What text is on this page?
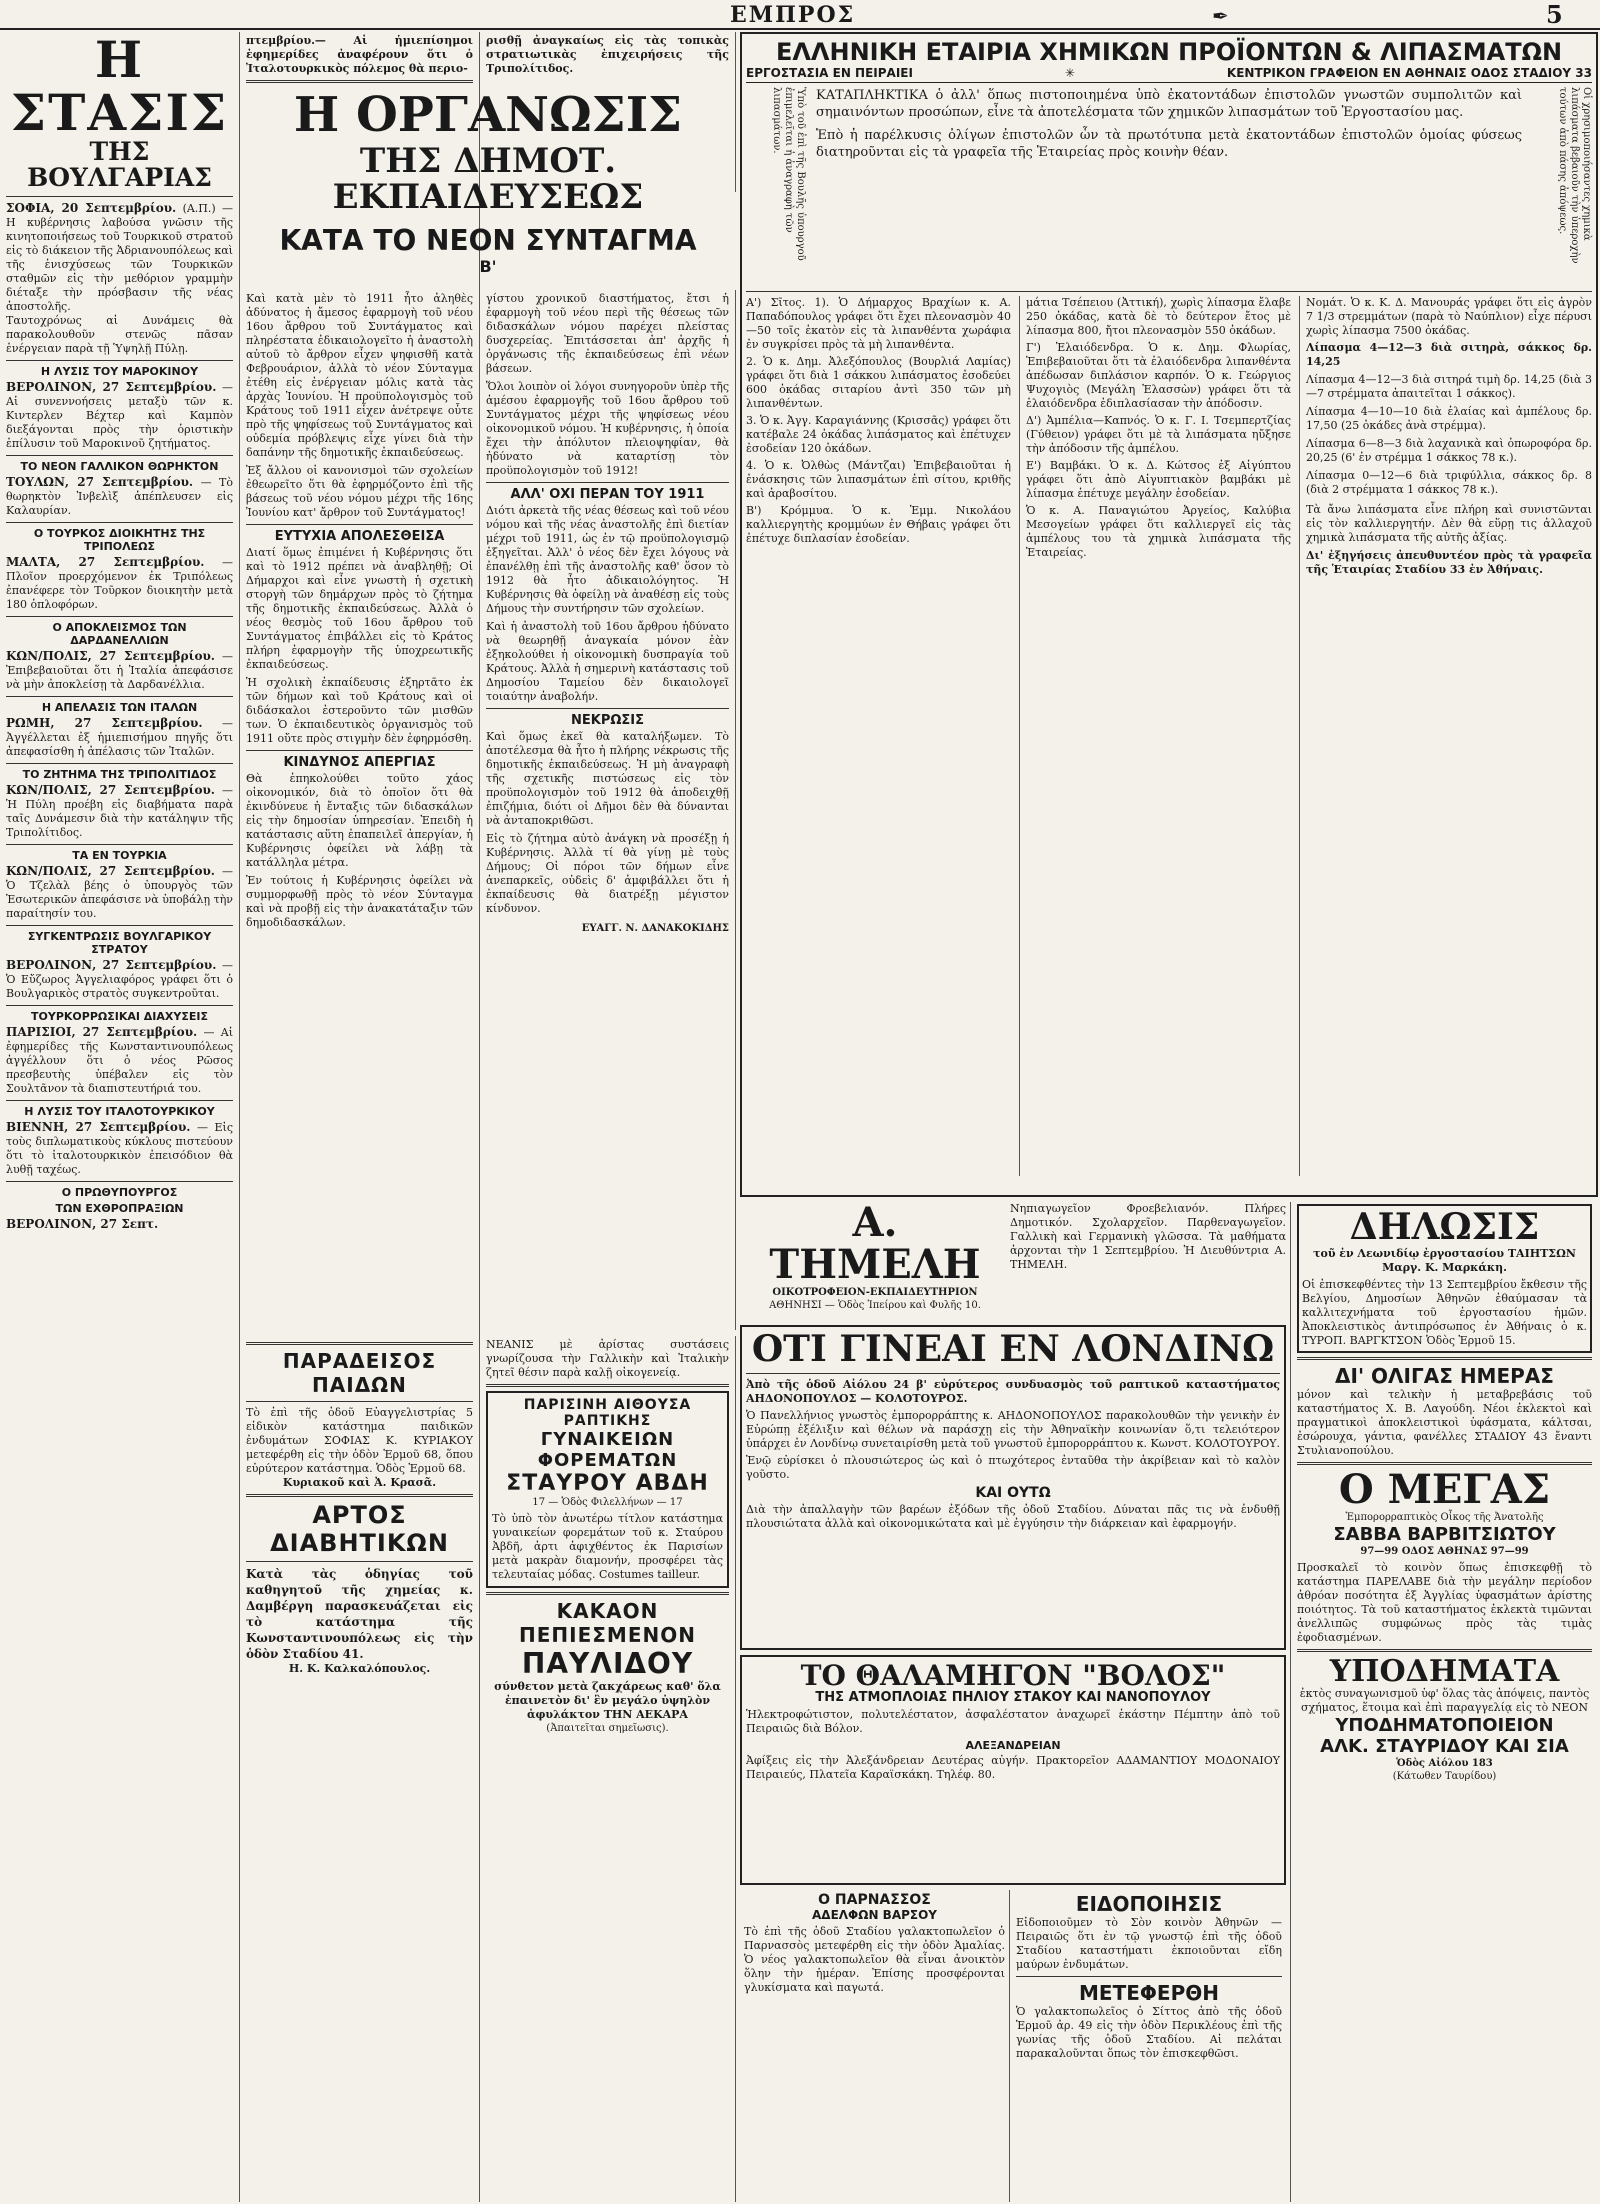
ΕΜΠΡΟΣ	✒	5
Η ΣΤΑΣΙΣ
ΤΗΣ ΒΟΥΛΓΑΡΙΑΣ
ΣΟΦΙΑ, 20 Σεπτεμβρίου. (Α.Π.) — Η κυβέρνησις λαβούσα γνῶσιν τῆς κινητοποιήσεως τοῦ Τουρκικοῦ στρατοῦ εἰς τὸ διάκειον τῆς Ἀδριανουπόλεως καὶ τῆς ἐνισχύσεως τῶν Τουρκικῶν σταθμῶν εἰς τὴν μεθόριον γραμμὴν διέταξε τὴν πρόσβασιν τῆς νέας ἀποστολῆς.
Ταυτοχρόνως αἱ Δυνάμεις θὰ παρακολουθοῦν στενῶς πᾶσαν ἐνέργειαν παρὰ τῇ Ὑψηλῇ Πύλῃ.
Η ΛΥΣΙΣ ΤΟΥ ΜΑΡΟΚΙΝΟΥ
ΒΕΡΟΛΙΝΟΝ, 27 Σεπτεμβρίου. — Αἱ συνεννοήσεις μεταξὺ τῶν κ. Κιντερλεν Βέχτερ καὶ Καμπὸν διεξάγονται πρὸς τὴν ὁριστικὴν ἐπίλυσιν τοῦ Μαροκινοῦ ζητήματος.
ΤΟ ΝΕΟΝ ΓΑΛΛΙΚΟΝ ΘΩΡΗΚΤΟΝ
ΤΟΥΛΩΝ, 27 Σεπτεμβρίου. — Τὸ θωρηκτὸν Ἰνβελὶξ ἀπέπλευσεν εἰς Καλαυρίαν.
Ο ΤΟΥΡΚΟΣ ΔΙΟΙΚΗΤΗΣ ΤΗΣ ΤΡΙΠΟΛΕΩΣ
ΜΑΛΤΑ, 27 Σεπτεμβρίου. — Πλοῖον προερχόμενον ἐκ Τριπόλεως ἐπανέφερε τὸν Τοῦρκον διοικητὴν μετὰ 180 ὁπλοφόρων.
Ο ΑΠΟΚΛΕΙΣΜΟΣ ΤΩΝ ΔΑΡΔΑΝΕΛΛΙΩΝ
ΚΩΝ/ΠΟΛΙΣ, 27 Σεπτεμβρίου. — Ἐπιβεβαιοῦται ὅτι ἡ Ἰταλία ἀπεφάσισε νὰ μὴν ἀποκλείσῃ τὰ Δαρδανέλλια.
Η ΑΠΕΛΑΣΙΣ ΤΩΝ ΙΤΑΛΩΝ
ΡΩΜΗ, 27 Σεπτεμβρίου. — Ἀγγέλλεται ἐξ ἡμιεπισήμου πηγῆς ὅτι ἀπεφασίσθη ἡ ἀπέλασις τῶν Ἰταλῶν.
ΤΟ ΖΗΤΗΜΑ ΤΗΣ ΤΡΙΠΟΛΙΤΙΔΟΣ
ΚΩΝ/ΠΟΛΙΣ, 27 Σεπτεμβρίου. — Ἡ Πύλη προέβη εἰς διαβήματα παρὰ ταῖς Δυνάμεσιν διὰ τὴν κατάληψιν τῆς Τριπολίτιδος.
ΤΑ ΕΝ ΤΟΥΡΚΙΑ
ΚΩΝ/ΠΟΛΙΣ, 27 Σεπτεμβρίου. — Ὁ Τζελὰλ βέης ὁ ὑπουργὸς τῶν Ἐσωτερικῶν ἀπεφάσισε νὰ ὑποβάλῃ τὴν παραίτησίν του.
ΣΥΓΚΕΝΤΡΩΣΙΣ ΒΟΥΛΓΑΡΙΚΟΥ ΣΤΡΑΤΟΥ
ΒΕΡΟΛΙΝΟΝ, 27 Σεπτεμβρίου. — Ὁ Εὔζωρος Ἀγγελιαφόρος γράφει ὅτι ὁ Βουλγαρικὸς στρατὸς συγκεντροῦται.
ΤΟΥΡΚΟΡΡΩΣΙΚΑΙ ΔΙΑΧΥΣΕΙΣ
ΠΑΡΙΣΙΟΙ, 27 Σεπτεμβρίου. — Αἱ ἐφημερίδες τῆς Κωνσταντινουπόλεως ἀγγέλλουν ὅτι ὁ νέος Ρῶσος πρεσβευτὴς ὑπέβαλεν εἰς τὸν Σουλτᾶνον τὰ διαπιστευτήριά του.
Η ΛΥΣΙΣ ΤΟΥ ΙΤΑΛΟΤΟΥΡΚΙΚΟΥ
ΒΙΕΝΝΗ, 27 Σεπτεμβρίου. — Εἰς τοὺς διπλωματικοὺς κύκλους πιστεύουν ὅτι τὸ ἰταλοτουρκικὸν ἐπεισόδιον θὰ λυθῇ ταχέως.
Ο ΠΡΩΘΥΠΟΥΡΓΟΣ
ΤΩΝ ΕΧΘΡΟΠΡΑΞΙΩΝ
ΒΕΡΟΛΙΝΟΝ, 27 Σεπτ.
πτεμβρίου.— Αἱ ἡμιεπίσημοι ἐφημερίδες ἀναφέρουν ὅτι ὁ Ἰταλοτουρκικὸς πόλεμος θὰ περιο-
ρισθῇ ἀναγκαίως εἰς τὰς τοπικὰς στρατιωτικὰς ἐπιχειρήσεις τῆς Τριπολίτιδος.
Η ΟΡΓΑΝΩΣΙΣ
ΤΗΣ ΔΗΜΟΤ. ΕΚΠΑΙΔΕΥΣΕΩΣ
ΚΑΤΑ ΤΟ ΝΕΟΝ ΣΥΝΤΑΓΜΑ
Β'
Καὶ κατὰ μὲν τὸ 1911 ἦτο ἀληθὲς ἀδύνατος ἡ ἄμεσος ἐφαρμογὴ τοῦ νέου 16ου ἄρθρου τοῦ Συντάγματος καὶ πληρέστατα ἐδικαιολογεῖτο ἡ ἀναστολὴ αὐτοῦ τὸ ἄρθρον εἶχεν ψηφισθῆ κατὰ Φεβρουάριον, ἀλλὰ τὸ νέον Σύνταγμα ἐτέθη εἰς ἐνέργειαν μόλις κατὰ τὰς ἀρχὰς Ἰουνίου. Ἡ προϋπολογισμὸς τοῦ Κράτους τοῦ 1911 εἶχεν ἀνέτρεψε οὗτε πρὸ τῆς ψηφίσεως τοῦ Συντάγματος καὶ οὐδεμία πρόβλεψις εἶχε γίνει διὰ τὴν δαπάνην τῆς δημοτικῆς ἐκπαιδεύσεως.
Ἐξ ἄλλου οἱ κανονισμοὶ τῶν σχολείων ἐθεωρεῖτο ὅτι θὰ ἐφηρμόζοντο ἐπὶ τῆς βάσεως τοῦ νέου νόμου μέχρι τῆς 16ης Ἰουνίου κατ' ἄρθρον τοῦ Συντάγματος!
ΕΥΤΥΧΙΑ ΑΠΟΛΕΣΘΕΙΣΑ
Διατί ὅμως ἐπιμένει ἡ Κυβέρνησις ὅτι καὶ τὸ 1912 πρέπει νὰ ἀναβληθῇ; Οἱ Δήμαρχοι καὶ εἶνε γνωστὴ ἡ σχετικὴ στοργὴ τῶν δημάρχων πρὸς τὸ ζήτημα τῆς δημοτικῆς ἐκπαιδεύσεως. Ἀλλὰ ὁ νέος θεσμὸς τοῦ 16ου ἄρθρου τοῦ Συντάγματος ἐπιβάλλει εἰς τὸ Κράτος πλήρη ἐφαρμογὴν τῆς ὑποχρεωτικῆς ἐκπαιδεύσεως.
Ἡ σχολικὴ ἐκπαίδευσις ἐξηρτᾶτο ἐκ τῶν δήμων καὶ τοῦ Κράτους καὶ οἱ διδάσκαλοι ἐστεροῦντο τῶν μισθῶν των. Ὁ ἐκπαιδευτικὸς ὀργανισμὸς τοῦ 1911 οὔτε πρὸς στιγμὴν δὲν ἐφηρμόσθη.
ΚΙΝΔΥΝΟΣ ΑΠΕΡΓΙΑΣ
Θὰ ἐπηκολούθει τοῦτο χάος οἰκονομικόν, διὰ τὸ ὁποῖον ὅτι θὰ ἐκινδύνευε ἡ ἔνταξις τῶν διδασκάλων εἰς τὴν δημοσίαν ὑπηρεσίαν. Ἐπειδὴ ἡ κατάστασις αὕτη ἐπαπειλεῖ ἀπεργίαν, ἡ Κυβέρνησις ὀφείλει νὰ λάβῃ τὰ κατάλληλα μέτρα.
Ἐν τούτοις ἡ Κυβέρνησις ὀφείλει νὰ συμμορφωθῇ πρὸς τὸ νέον Σύνταγμα καὶ νὰ προβῇ εἰς τὴν ἀνακατάταξιν τῶν δημοδιδασκάλων.
γίστου χρονικοῦ διαστήματος, ἔτσι ἡ ἐφαρμογὴ τοῦ νέου περὶ τῆς θέσεως τῶν διδασκάλων νόμου παρέχει πλείστας δυσχερείας. Ἐπιτάσσεται ἀπ' ἀρχῆς ἡ ὀργάνωσις τῆς ἐκπαιδεύσεως ἐπὶ νέων βάσεων.
Ὅλοι λοιπὸν οἱ λόγοι συνηγοροῦν ὑπὲρ τῆς ἀμέσου ἐφαρμογῆς τοῦ 16ου ἄρθρου τοῦ Συντάγματος μέχρι τῆς ψηφίσεως νέου οἰκονομικοῦ νόμου. Ἡ κυβέρνησις, ἡ ὁποία ἔχει τὴν ἀπόλυτον πλειοψηφίαν, θὰ ἠδύνατο νὰ καταρτίσῃ τὸν προϋπολογισμὸν τοῦ 1912!
ΑΛΛ' ΟΧΙ ΠΕΡΑΝ ΤΟΥ 1911
Διότι ἀρκετὰ τῆς νέας θέσεως καὶ τοῦ νέου νόμου καὶ τῆς νέας ἀναστολῆς ἐπὶ διετίαν μέχρι τοῦ 1911, ὡς ἐν τῷ προϋπολογισμῷ ἐξηγεῖται. Ἀλλ' ὁ νέος δὲν ἔχει λόγους νὰ ἐπανέλθῃ ἐπὶ τῆς ἀναστολῆς καθ' ὅσον τὸ 1912 θὰ ἦτο ἀδικαιολόγητος. Ἡ Κυβέρνησις θὰ ὀφείλῃ νὰ ἀναθέσῃ εἰς τοὺς Δήμους τὴν συντήρησιν τῶν σχολείων.
Καὶ ἡ ἀναστολὴ τοῦ 16ου ἄρθρου ἠδύνατο νὰ θεωρηθῇ ἀναγκαία μόνον ἐὰν ἐξηκολούθει ἡ οἰκονομικὴ δυσπραγία τοῦ Κράτους. Ἀλλὰ ἡ σημερινὴ κατάστασις τοῦ Δημοσίου Ταμείου δὲν δικαιολογεῖ τοιαύτην ἀναβολήν.
ΝΕΚΡΩΣΙΣ
Καὶ ὅμως ἐκεῖ θὰ καταλήξωμεν. Τὸ ἀποτέλεσμα θὰ ἦτο ἡ πλήρης νέκρωσις τῆς δημοτικῆς ἐκπαιδεύσεως. Ἡ μὴ ἀναγραφὴ τῆς σχετικῆς πιστώσεως εἰς τὸν προϋπολογισμὸν τοῦ 1912 θὰ ἀποδειχθῇ ἐπιζήμια, διότι οἱ Δῆμοι δὲν θὰ δύνανται νὰ ἀνταποκριθῶσι.
Εἰς τὸ ζήτημα αὐτὸ ἀνάγκη νὰ προσέξῃ ἡ Κυβέρνησις. Ἀλλὰ τί θὰ γίνῃ μὲ τοὺς Δήμους; Οἱ πόροι τῶν δήμων εἶνε ἀνεπαρκεῖς, οὐδεὶς δ' ἀμφιβάλλει ὅτι ἡ ἐκπαίδευσις θὰ διατρέξῃ μέγιστον κίνδυνον.
ΕΥΑΓΓ. Ν. ΔΑΝΑΚΟΚΙΔΗΣ
ΠΑΡΑΔΕΙΣΟΣ ΠΑΙΔΩΝ
Τὸ ἐπὶ τῆς ὁδοῦ Εὐαγγελιστρίας 5 εἰδικὸν κατάστημα παιδικῶν ἐνδυμάτων ΣΟΦΙΑΣ Κ. ΚΥΡΙΑΚΟΥ μετεφέρθη εἰς τὴν ὁδὸν Ἑρμοῦ 68, ὅπου εὐρύτερον κατάστημα. Ὁδὸς Ἑρμοῦ 68.
Κυριακοῦ καὶ Ἀ. Κρασᾶ.
ΑΡΤΟΣ ΔΙΑΒΗΤΙΚΩΝ
Κατὰ τὰς ὁδηγίας τοῦ καθηγητοῦ τῆς χημείας κ. Δαμβέργη παρασκευάζεται εἰς τὸ κατάστημα τῆς Κωνσταντινουπόλεως εἰς τὴν ὁδὸν Σταδίου 41.
Η. Κ. Καλκαλόπουλος.
ΝΕΑΝΙΣ μὲ ἀρίστας συστάσεις γνωρίζουσα τὴν Γαλλικὴν καὶ Ἰταλικὴν ζητεῖ θέσιν παρὰ καλῇ οἰκογενείᾳ.
ΠΑΡΙΣΙΝΗ ΑΙΘΟΥΣΑ ΡΑΠΤΙΚΗΣ
ΓΥΝΑΙΚΕΙΩΝ ΦΟΡΕΜΑΤΩΝ
ΣΤΑΥΡΟΥ ΑΒΔΗ
17 — Ὁδὸς Φιλελλήνων — 17
Τὸ ὑπὸ τὸν ἀνωτέρω τίτλον κατάστημα γυναικείων φορεμάτων τοῦ κ. Σταύρου Ἀβδῆ, ἀρτι ἀφιχθέντος ἐκ Παρισίων μετὰ μακρὰν διαμονήν, προσφέρει τὰς τελευταίας μόδας. Costumes tailleur.
ΚΑΚΑΟΝ ΠΕΠΙΕΣΜΕΝΟΝ
ΠΑΥΛΙΔΟΥ
σύνθετον μετὰ ζακχάρεως καθ' ὅλα ἐπαινετὸν δι' ἓν μεγάλο ὑψηλὸν ἀφυλάκτον ΤΗΝ ΑΕΚΑΡΑ
(Ἀπαιτεῖται σημεῖωσις).
ΕΛΛΗΝΙΚΗ ΕΤΑΙΡΙΑ ΧΗΜΙΚΩΝ ΠΡΟΪΟΝΤΩΝ & ΛΙΠΑΣΜΑΤΩΝ
ΕΡΓΟΣΤΑΣΙΑ ΕΝ ΠΕΙΡΑΙΕΙ	✳	ΚΕΝΤΡΙΚΟΝ ΓΡΑΦΕΙΟΝ ΕΝ ΑΘΗΝΑΙΣ ΟΔΟΣ ΣΤΑΔΙΟΥ 33
Ὑπὸ τοῦ ἐπὶ τῆς Βουλῆς ὑπουργοῦ ἐπιμελεῖται ἡ ἀναγραφὴ τῶν λιπασμάτων.	ΚΑΤΑΠΛΗΚΤΙΚΑ ὁ ἀλλ' ὅπως πιστοποιημένα ὑπὸ ἐκατοντάδων ἐπιστολῶν γνωστῶν συμπολιτῶν καὶ σημαινόντων προσώπων, εἶνε τὰ ἀποτελέσματα τῶν χημικῶν λιπασμάτων τοῦ Ἐργοστασίου μας.
Ἑπὸ ἡ παρέλκυσις ὀλίγων ἐπιστολῶν ὧν τὰ πρωτότυπα μετὰ ἑκατοντάδων ἐπιστολῶν ὁμοίας φύσεως διατηροῦνται εἰς τὰ γραφεῖα τῆς Ἑταιρείας πρὸς κοινὴν θέαν.	Οἱ χρησιμοποιήσαντες χημικὰ λιπάσματα βεβαιοῦν τὴν ὑπεροχὴν τούτων ἀπὸ πάσης ἀπόψεως.
Α') Σῖτος. 1). Ὁ Δήμαρχος Βραχίων κ. Α. Παπαδόπουλος γράφει ὅτι ἔχει πλεονασμὸν 40—50 τοῖς ἑκατὸν εἰς τὰ λιπανθέντα χωράφια ἐν συγκρίσει πρὸς τὰ μὴ λιπανθέντα.
2. Ὁ κ. Δημ. Ἀλεξόπουλος (Βουρλιά Λαμίας) γράφει ὅτι διὰ 1 σάκκου λιπάσματος ἐσοδεύει 600 ὀκάδας σιταρίου ἀντὶ 350 τῶν μὴ λιπανθέντων.
3. Ὁ κ. Ἀγγ. Καραγιάννης (Κρισσᾶς) γράφει ὅτι κατέβαλε 24 ὀκάδας λιπάσματος καὶ ἐπέτυχεν ἐσοδείαν 120 ὀκάδων.
4. Ὁ κ. Ὀλθὼς (Μάντζαι) Ἐπιβεβαιοῦται ἡ ἐνάσκησις τῶν λιπασμάτων ἐπὶ σίτου, κριθῆς καὶ ἀραβοσίτου.
Β') Κρόμμυα. Ὁ κ. Ἐμμ. Νικολάου καλλιεργητὴς κρομμύων ἐν Θήβαις γράφει ὅτι ἐπέτυχε διπλασίαν ἐσοδείαν.
μάτια Τσέπειου (Ἀττική), χωρὶς λίπασμα ἔλαβε 250 ὀκάδας, κατὰ δὲ τὸ δεύτερον ἔτος μὲ λίπασμα 800, ἤτοι πλεονασμὸν 550 ὀκάδων.
Γ') Ἐλαιόδενδρα. Ὁ κ. Δημ. Φλωρίας, Ἐπιβεβαιοῦται ὅτι τὰ ἐλαιόδενδρα λιπανθέντα ἀπέδωσαν διπλάσιον καρπόν. Ὁ κ. Γεώργιος Ψυχογιὸς (Μεγάλη Ἐλασσὼν) γράφει ὅτι τὰ ἐλαιόδενδρα ἐδιπλασίασαν τὴν ἀπόδοσιν.
Δ') Ἀμπέλια—Καπνός. Ὁ κ. Γ. Ι. Τσεμπερτζίας (Γύθειον) γράφει ὅτι μὲ τὰ λιπάσματα ηὔξησε τὴν ἀπόδοσιν τῆς ἀμπέλου.
Ε') Βαμβάκι. Ὁ κ. Δ. Κώτσος ἐξ Αἰγύπτου γράφει ὅτι ἀπὸ Αἰγυπτιακὸν βαμβάκι μὲ λίπασμα ἐπέτυχε μεγάλην ἐσοδείαν.
Ὁ κ. Α. Παναγιώτου Ἀργείος, Καλύβια Μεσογείων γράφει ὅτι καλλιεργεῖ εἰς τὰς ἀμπέλους του τὰ χημικὰ λιπάσματα τῆς Ἑταιρείας.
Νομάτ. Ὁ κ. Κ. Δ. Μανουράς γράφει ὅτι εἰς ἀγρὸν 7 1/3 στρεμμάτων (παρὰ τὸ Ναύπλιον) εἶχε πέρυσι χωρὶς λίπασμα 7500 ὀκάδας.
Λίπασμα 4—12—3 διὰ σιτηρὰ, σάκκος δρ. 14,25
Λίπασμα 4—12—3 διὰ σιτηρά τιμὴ δρ. 14,25 (διὰ 3—7 στρέμματα ἀπαιτεῖται 1 σάκκος).
Λίπασμα 4—10—10 διὰ ἐλαίας καὶ ἀμπέλους δρ. 17,50 (25 ὀκάδες ἀνὰ στρέμμα).
Λίπασμα 6—8—3 διὰ λαχανικὰ καὶ ὀπωροφόρα δρ. 20,25 (6' ἐν στρέμμα 1 σάκκος 78 κ.).
Λίπασμα 0—12—6 διὰ τριφύλλια, σάκκος δρ. 8 (διὰ 2 στρέμματα 1 σάκκος 78 κ.).
Τὰ ἄνω λιπάσματα εἶνε πλήρη καὶ συνιστῶνται εἰς τὸν καλλιεργητήν. Δὲν θὰ εὕρῃ τις ἀλλαχοῦ χημικὰ λιπάσματα τῆς αὐτῆς ἀξίας.
Δι' ἐξηγήσεις ἀπευθυντέον πρὸς τὰ γραφεῖα τῆς Ἑταιρίας Σταδίου 33 ἐν Ἀθήναις.
Α. ΤΗΜΕΛΗ
ΟΙΚΟΤΡΟΦΕΙΟΝ-ΕΚΠΑΙΔΕΥΤΗΡΙΟΝ
ΑΘΗΝΗΣΙ — Ὁδὸς Ἰπείρου καὶ Φυλῆς 10.
Νηπιαγωγεῖον Φροεβελιανόν. Πλήρες Δημοτικόν. Σχολαρχεῖον. Παρθεναγωγεῖον. Γαλλικὴ καὶ Γερμανικὴ γλῶσσα. Τὰ μαθήματα ἀρχονται τὴν 1 Σεπτεμβρίου. Ἡ Διευθύντρια Α. ΤΗΜΕΛΗ.
ΟΤΙ ΓΙΝΕΑΙ ΕΝ ΛΟΝΔΙΝΩ
Ἀπὸ τῆς ὁδοῦ Αἰόλου 24 β' εὐρύτερος συνδυασμὸς τοῦ ραπτικοῦ καταστήματος ΑΗΔΟΝΟΠΟΥΛΟΣ — ΚΟΛΟΤΟΥΡΟΣ.
Ὁ Πανελλήνιος γνωστὸς ἐμπορορράπτης κ. ΑΗΔΟΝΟΠΟΥΛΟΣ παρακολουθῶν τὴν γενικὴν ἐν Εὐρώπῃ ἐξέλιξιν καὶ θέλων νὰ παράσχῃ εἰς τὴν Ἀθηναϊκὴν κοινωνίαν ὅ,τι τελειότερον ὑπάρχει ἐν Λονδίνῳ συνεταιρίσθη μετὰ τοῦ γνωστοῦ ἐμπορορράπτου κ. Κωνστ. ΚΟΛΟΤΟΥΡΟΥ.
Ἐνῷ εὑρίσκει ὁ πλουσιώτερος ὡς καὶ ὁ πτωχότερος ἐνταῦθα τὴν ἀκρίβειαν καὶ τὸ καλὸν γοῦστο.
ΚΑΙ ΟΥΤΩ
Διὰ τὴν ἀπαλλαγὴν τῶν βαρέων ἐξόδων τῆς ὁδοῦ Σταδίου. Δύναται πᾶς τις νὰ ἐνδυθῇ πλουσιώτατα ἀλλὰ καὶ οἰκονομικώτατα καὶ μὲ ἐγγύησιν τὴν διάρκειαν καὶ ἐφαρμογήν.
ΤΟ ΘΑΛΑΜΗΓΟΝ "ΒΟΛΟΣ"
ΤΗΣ ΑΤΜΟΠΛΟΙΑΣ ΠΗΛΙΟΥ ΣΤΑΚΟΥ ΚΑΙ ΝΑΝΟΠΟΥΛΟΥ
Ἡλεκτροφώτιστον, πολυτελέστατον, ἀσφαλέστατον ἀναχωρεῖ ἑκάστην Πέμπτην ἀπὸ τοῦ Πειραιῶς διὰ Βόλον.
ΑΛΕΞΑΝΔΡΕΙΑΝ
Ἀφίξεις εἰς τὴν Ἀλεξάνδρειαν Δευτέρας αὐγήν. Πρακτορεῖον ΑΔΑΜΑΝΤΙΟΥ ΜΟΔΟΝΑΙΟΥ Πειραιεύς, Πλατεῖα Καραϊσκάκη. Τηλέφ. 80.
Ο ΠΑΡΝΑΣΣΟΣ
ΑΔΕΛΦΩΝ ΒΑΡΣΟΥ
Τὸ ἐπὶ τῆς ὁδοῦ Σταδίου γαλακτοπωλεῖον ὁ Παρνασσὸς μετεφέρθη εἰς τὴν ὁδὸν Ἀμαλίας. Ὁ νέος γαλακτοπωλεῖον θὰ εἶναι ἀνοικτὸν ὅλην τὴν ἡμέραν. Ἐπίσης προσφέρονται γλυκίσματα καὶ παγωτά.
ΕΙΔΟΠΟΙΗΣΙΣ
Εἰδοποιοῦμεν τὸ Σὸν κοινὸν Ἀθηνῶν — Πειραιῶς ὅτι ἐν τῷ γνωστῷ ἐπὶ τῆς ὁδοῦ Σταδίου καταστήματι ἐκποιοῦνται εἴδη μαύρων ἐνδυμάτων.
ΜΕΤΕΦΕΡΘΗ
Ὁ γαλακτοπωλεῖος ὁ Σίττος ἀπὸ τῆς ὁδοῦ Ἑρμοῦ ἀρ. 49 εἰς τὴν ὁδὸν Περικλέους ἐπὶ τῆς γωνίας τῆς ὁδοῦ Σταδίου. Αἱ πελάται παρακαλοῦνται ὅπως τὸν ἐπισκεφθῶσι.
ΔΗΛΩΣΙΣ
τοῦ ἐν Λεωνιδίῳ ἐργοστασίου ΤΑΙΗΤΣΩΝ Μαργ. Κ. Μαρκάκη.
Οἱ ἐπισκεφθέντες τὴν 13 Σεπτεμβρίου ἔκθεσιν τῆς Βελγίου, Δημοσίων Ἀθηνῶν ἐθαύμασαν τὰ καλλιτεχνήματα τοῦ ἐργοστασίου ἡμῶν. Ἀποκλειστικὸς ἀντιπρόσωπος ἐν Ἀθήναις ὁ κ. ΤΥΡΟΠ. ΒΑΡΓΚΤΣΟΝ Ὁδὸς Ἑρμοῦ 15.
ΔΙ' ΟΛΙΓΑΣ ΗΜΕΡΑΣ
μόνον καὶ τελικὴν ἡ μεταβρεβάσις τοῦ καταστήματος Χ. Β. Λαγούδη. Νέοι ἐκλεκτοὶ καὶ πραγματικοὶ ἀποκλειστικοὶ ὑφάσματα, κάλτσαι, ἐσώρουχα, γάντια, φανέλλες ΣΤΑΔΙΟΥ 43 ἔναντι Στυλιανοπούλου.
Ο ΜΕΓΑΣ
Ἐμπορορραπτικὸς Οἶκος τῆς Ἀνατολῆς
ΣΑΒΒΑ ΒΑΡΒΙΤΣΙΩΤΟΥ
97—99 ΟΔΟΣ ΑΘΗΝΑΣ 97—99
Προσκαλεῖ τὸ κοινὸν ὅπως ἐπισκεφθῇ τὸ κατάστημα ΠΑΡΕΛΑΒΕ διὰ τὴν μεγάλην περίοδον ἀθρόαν ποσότητα ἐξ Ἀγγλίας ὑφασμάτων ἀρίστης ποιότητος. Τὰ τοῦ καταστήματος ἐκλεκτὰ τιμῶνται ἀνελλιπῶς συμφώνως πρὸς τὰς τιμὰς ἐφοδιασμένων.
ΥΠΟΔΗΜΑΤΑ
ἐκτὸς συναγωνισμοῦ ὑφ' ὅλας τὰς ἀπόψεις, παντὸς σχήματος, ἕτοιμα καὶ ἐπὶ παραγγελίᾳ εἰς τὸ ΝΕΟΝ
ΥΠΟΔΗΜΑΤΟΠΟΙΕΙΟΝ
ΑΛΚ. ΣΤΑΥΡΙΔΟΥ ΚΑΙ ΣΙΑ
Ὁδὸς Αἰόλου 183
(Κάτωθεν Ταυρίδου)
